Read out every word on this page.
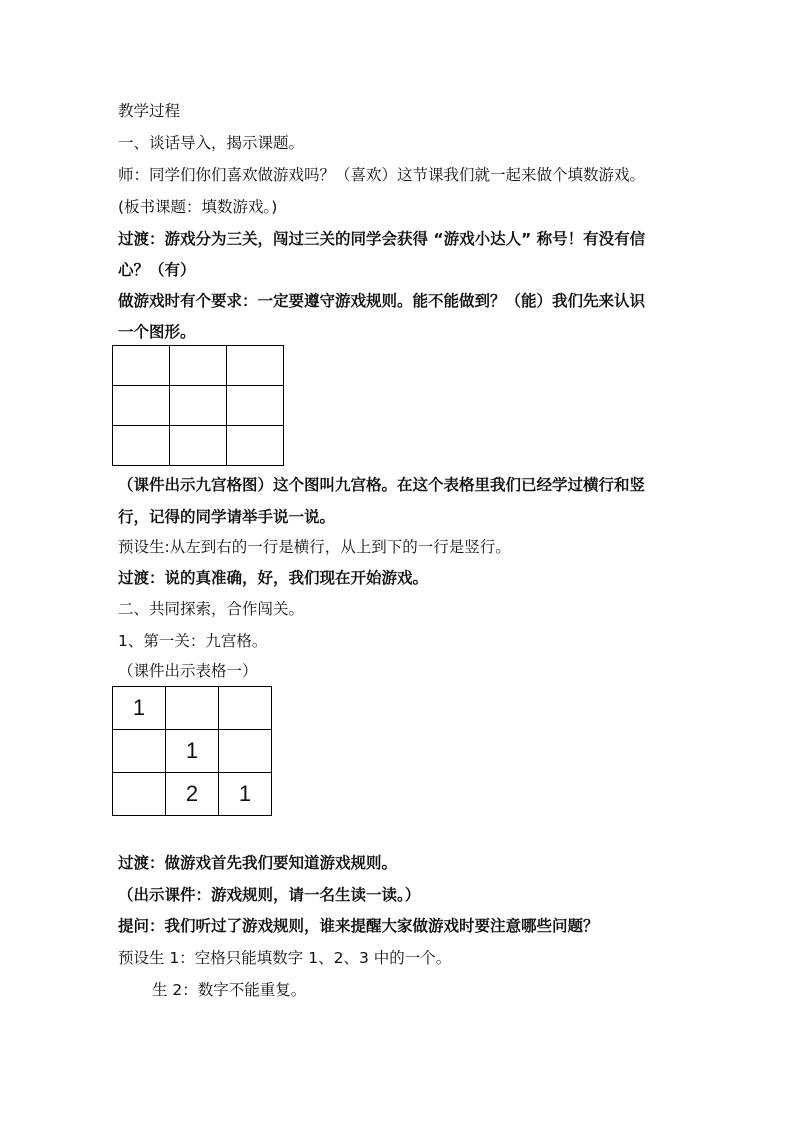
教学过程
一、谈话导入，揭示课题。
师：同学们你们喜欢做游戏吗？（喜欢）这节课我们就一起来做个填数游戏。
(板书课题：填数游戏。)
过渡：游戏分为三关，闯过三关的同学会获得 “游戏小达人” 称号！有没有信
心？（有）
做游戏时有个要求：一定要遵守游戏规则。能不能做到？（能）我们先来认识
一个图形。

（课件出示九宫格图）这个图叫九宫格。在这个表格里我们已经学过横行和竖
行，记得的同学请举手说一说。
预设生:从左到右的一行是横行，从上到下的一行是竖行。
过渡：说的真准确，好，我们现在开始游戏。
二、共同探索，合作闯关。
1、第一关：九宫格。
（课件出示表格一）
1		
	1	
	2	1
过渡：做游戏首先我们要知道游戏规则。
（出示课件：游戏规则，请一名生读一读。）
提问：我们听过了游戏规则，谁来提醒大家做游戏时要注意哪些问题？
预设生 1：空格只能填数字 1、2、3 中的一个。
生 2：数字不能重复。
